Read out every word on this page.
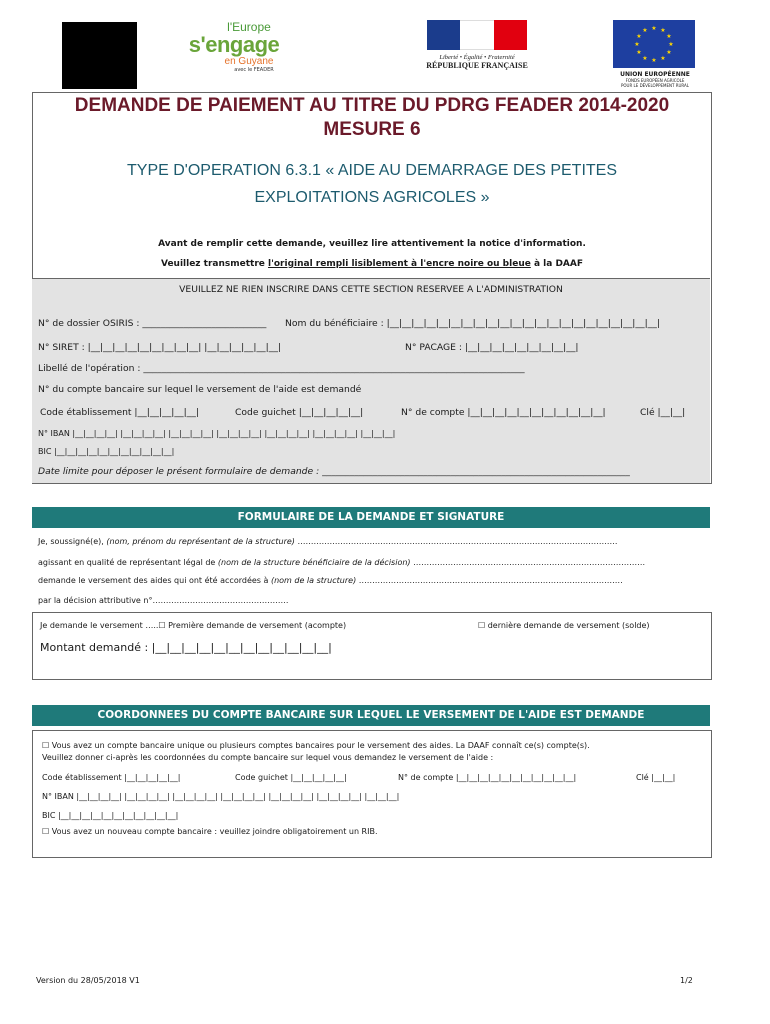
l'Europe
s'engage
en Guyane
avec le FEADER
Liberté • Égalité • Fraternité
RÉPUBLIQUE FRANÇAISE
★ ★
★
★
★
★
★
★
★
★
★
★
UNION EUROPÉENNE
FONDS EUROPÉEN AGRICOLE
POUR LE DÉVELOPPEMENT RURAL
DEMANDE DE PAIEMENT AU TITRE DU PDRG FEADER 2014-2020
MESURE 6
TYPE D'OPERATION 6.3.1 « AIDE AU DEMARRAGE DES PETITES
EXPLOITATIONS AGRICOLES »
Avant de remplir cette demande, veuillez lire attentivement la notice d'information.
Veuillez transmettre l'original rempli lisiblement à l'encre noire ou bleue à la DAAF
VEUILLEZ NE RIEN INSCRIRE DANS CETTE SECTION RESERVEE A L'ADMINISTRATION
N° de dossier OSIRIS : ___________________________ Nom du bénéficiaire : |__|__|__|__|__|__|__|__|__|__|__|__|__|__|__|__|__|__|__|__|__|__|
N° SIRET : |__|__|__|__|__|__|__|__|__| |__|__|__|__|__|__|	N° PACAGE : |__|__|__|__|__|__|__|__|__|
Libellé de l'opération : ___________________________________________________________________________________
N° du compte bancaire sur lequel le versement de l'aide est demandé
Code établissement |__|__|__|__|__|	Code guichet |__|__|__|__|__|	N° de compte |__|__|__|__|__|__|__|__|__|__|__|	Clé |__|__|
N° IBAN |__|__|__|__| |__|__|__|__| |__|__|__|__| |__|__|__|__| |__|__|__|__| |__|__|__|__| |__|__|__|
BIC |__|__|__|__|__|__|__|__|__|__|__|
Date limite pour déposer le présent formulaire de demande : ___________________________________________________________________
FORMULAIRE DE LA DEMANDE ET SIGNATURE
Je, soussigné(e), (nom, prénom du représentant de la structure) …………………………………………………………………………………………………………
agissant en qualité de représentant légal de (nom de la structure bénéficiaire de la décision) ……………………………………………………………………………
demande le versement des aides qui ont été accordées à (nom de la structure) ………………………………………………………………………………………
par la décision attributive n°……………………………………………
Je demande le versement …..☐ Première demande de versement (acompte)	☐ dernière demande de versement (solde)
Montant demandé : |__|__|__|__|__|__|__|__|__|__|__|__|
COORDONNEES DU COMPTE BANCAIRE SUR LEQUEL LE VERSEMENT DE L'AIDE EST DEMANDE
☐ Vous avez un compte bancaire unique ou plusieurs comptes bancaires pour le versement des aides. La DAAF connaît ce(s) compte(s).
Veuillez donner ci-après les coordonnées du compte bancaire sur lequel vous demandez le versement de l'aide :
Code établissement |__|__|__|__|__|	Code guichet |__|__|__|__|__|	N° de compte |__|__|__|__|__|__|__|__|__|__|__|	Clé |__|__|
N° IBAN |__|__|__|__| |__|__|__|__| |__|__|__|__| |__|__|__|__| |__|__|__|__| |__|__|__|__| |__|__|__|
BIC |__|__|__|__|__|__|__|__|__|__|__|
☐ Vous avez un nouveau compte bancaire : veuillez joindre obligatoirement un RIB.
Version du 28/05/2018 V1	1/2
